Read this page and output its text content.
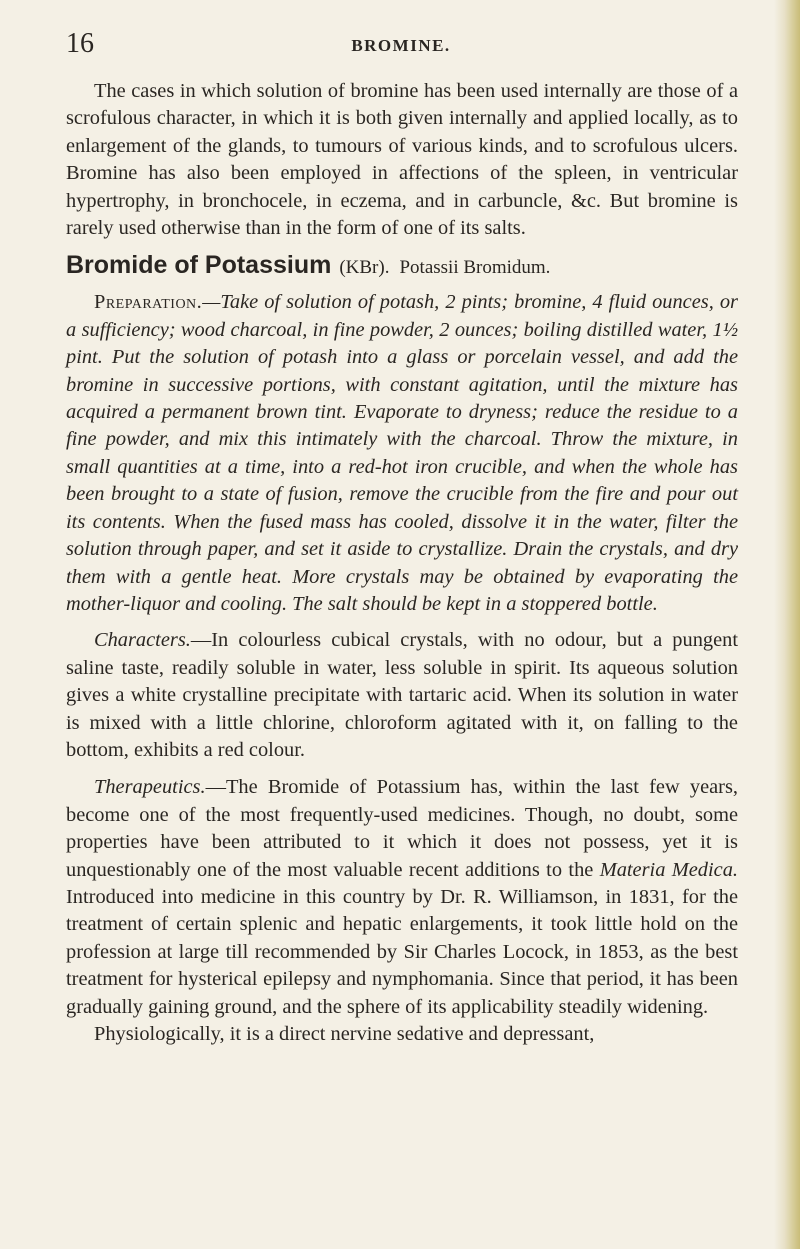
16	BROMINE.

The cases in which solution of bromine has been used internally are those of a scrofulous character, in which it is both given internally and applied locally, as to enlargement of the glands, to tumours of various kinds, and to scrofulous ulcers. Bromine has also been employed in affections of the spleen, in ventricular hypertrophy, in bronchocele, in eczema, and in carbuncle, &c. But bromine is rarely used otherwise than in the form of one of its salts.

Bromide of Potassium (KBr). Potassii Bromidum.

Preparation.—Take of solution of potash, 2 pints; bromine, 4 fluid ounces, or a sufficiency; wood charcoal, in fine powder, 2 ounces; boiling distilled water, 1½ pint. Put the solution of potash into a glass or porcelain vessel, and add the bromine in successive portions, with constant agitation, until the mixture has acquired a permanent brown tint. Evaporate to dryness; reduce the residue to a fine powder, and mix this intimately with the charcoal. Throw the mixture, in small quantities at a time, into a red-hot iron crucible, and when the whole has been brought to a state of fusion, remove the crucible from the fire and pour out its contents. When the fused mass has cooled, dissolve it in the water, filter the solution through paper, and set it aside to crystallize. Drain the crystals, and dry them with a gentle heat. More crystals may be obtained by evaporating the mother-liquor and cooling. The salt should be kept in a stoppered bottle.

Characters.—In colourless cubical crystals, with no odour, but a pungent saline taste, readily soluble in water, less soluble in spirit. Its aqueous solution gives a white crystalline precipitate with tartaric acid. When its solution in water is mixed with a little chlorine, chloroform agitated with it, on falling to the bottom, exhibits a red colour.

Therapeutics.—The Bromide of Potassium has, within the last few years, become one of the most frequently-used medicines. Though, no doubt, some properties have been attributed to it which it does not possess, yet it is unquestionably one of the most valuable recent additions to the Materia Medica. Introduced into medicine in this country by Dr. R. Williamson, in 1831, for the treatment of certain splenic and hepatic enlargements, it took little hold on the profession at large till recommended by Sir Charles Locock, in 1853, as the best treatment for hysterical epilepsy and nymphomania. Since that period, it has been gradually gaining ground, and the sphere of its applicability steadily widening.

Physiologically, it is a direct nervine sedative and depressant,
